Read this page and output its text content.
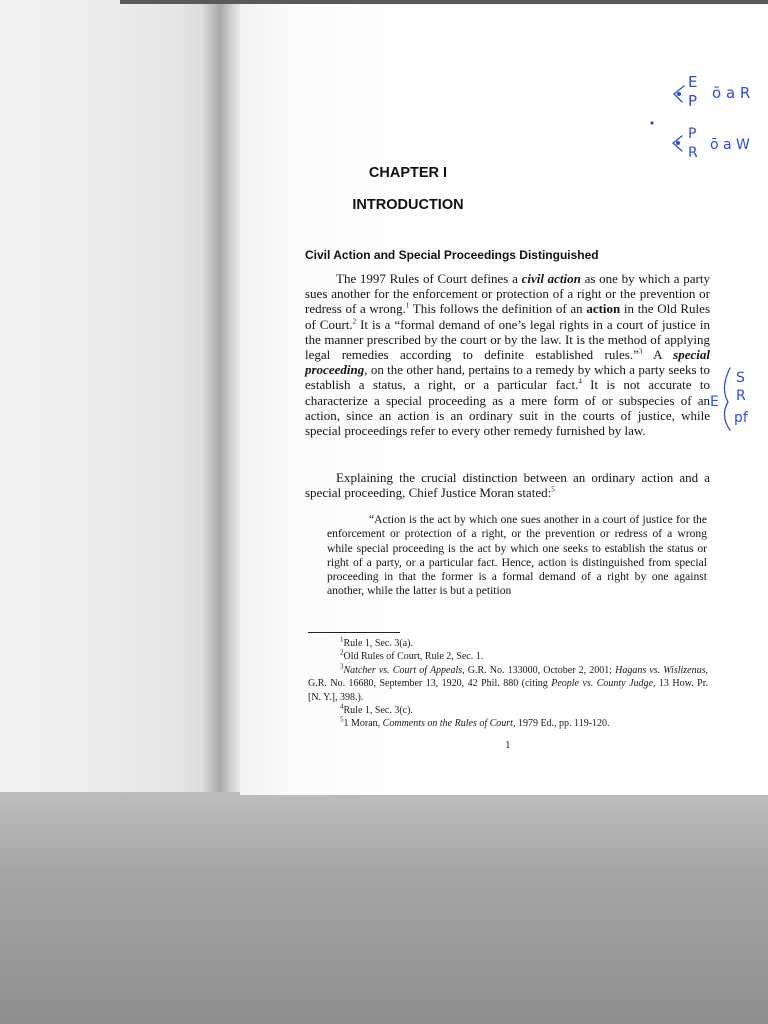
CHAPTER I
INTRODUCTION
Civil Action and Special Proceedings Distinguished

The 1997 Rules of Court defines a civil action as one by which a party sues another for the enforcement or protection of a right or the prevention or redress of a wrong.$^1$ This follows the definition of an action in the Old Rules of Court.$^2$ It is a “formal demand of one’s legal rights in a court of justice in the manner prescribed by the court or by the law. It is the method of applying legal remedies according to definite established rules.”$^3$ A special proceeding, on the other hand, pertains to a remedy by which a party seeks to establish a status, a right, or a particular fact.$^4$ It is not accurate to characterize a special proceeding as a mere form of or subspecies of an action, since an action is an ordinary suit in the courts of justice, while special proceedings refer to every other remedy furnished by law.

Explaining the crucial distinction between an ordinary action and a special proceeding, Chief Justice Moran stated:$^5$

“Action is the act by which one sues another in a court of justice for the enforcement or protection of a right, or the prevention or redress of a wrong while special proceeding is the act by which one seeks to establish the status or right of a party, or a particular fact. Hence, action is distinguished from special proceeding in that the former is a formal demand of a right by one against another, while the latter is but a petition

$^1$Rule 1, Sec. 3(a).

$^2$Old Rules of Court, Rule 2, Sec. 1.

$^3$Natcher vs. Court of Appeals, G.R. No. 133000, October 2, 2001; Hagans vs. Wislizenus, G.R. No. 16680, September 13, 1920, 42 Phil. 880 (citing People vs. County Judge, 13 How. Pr. [N. Y.], 398.).

$^4$Rule 1, Sec. 3(c).

$^5$1 Moran, Comments on the Rules of Court, 1979 Ed., pp. 119-120.

1
E
P ō a R
P
R ō a W
S
E R
pf
